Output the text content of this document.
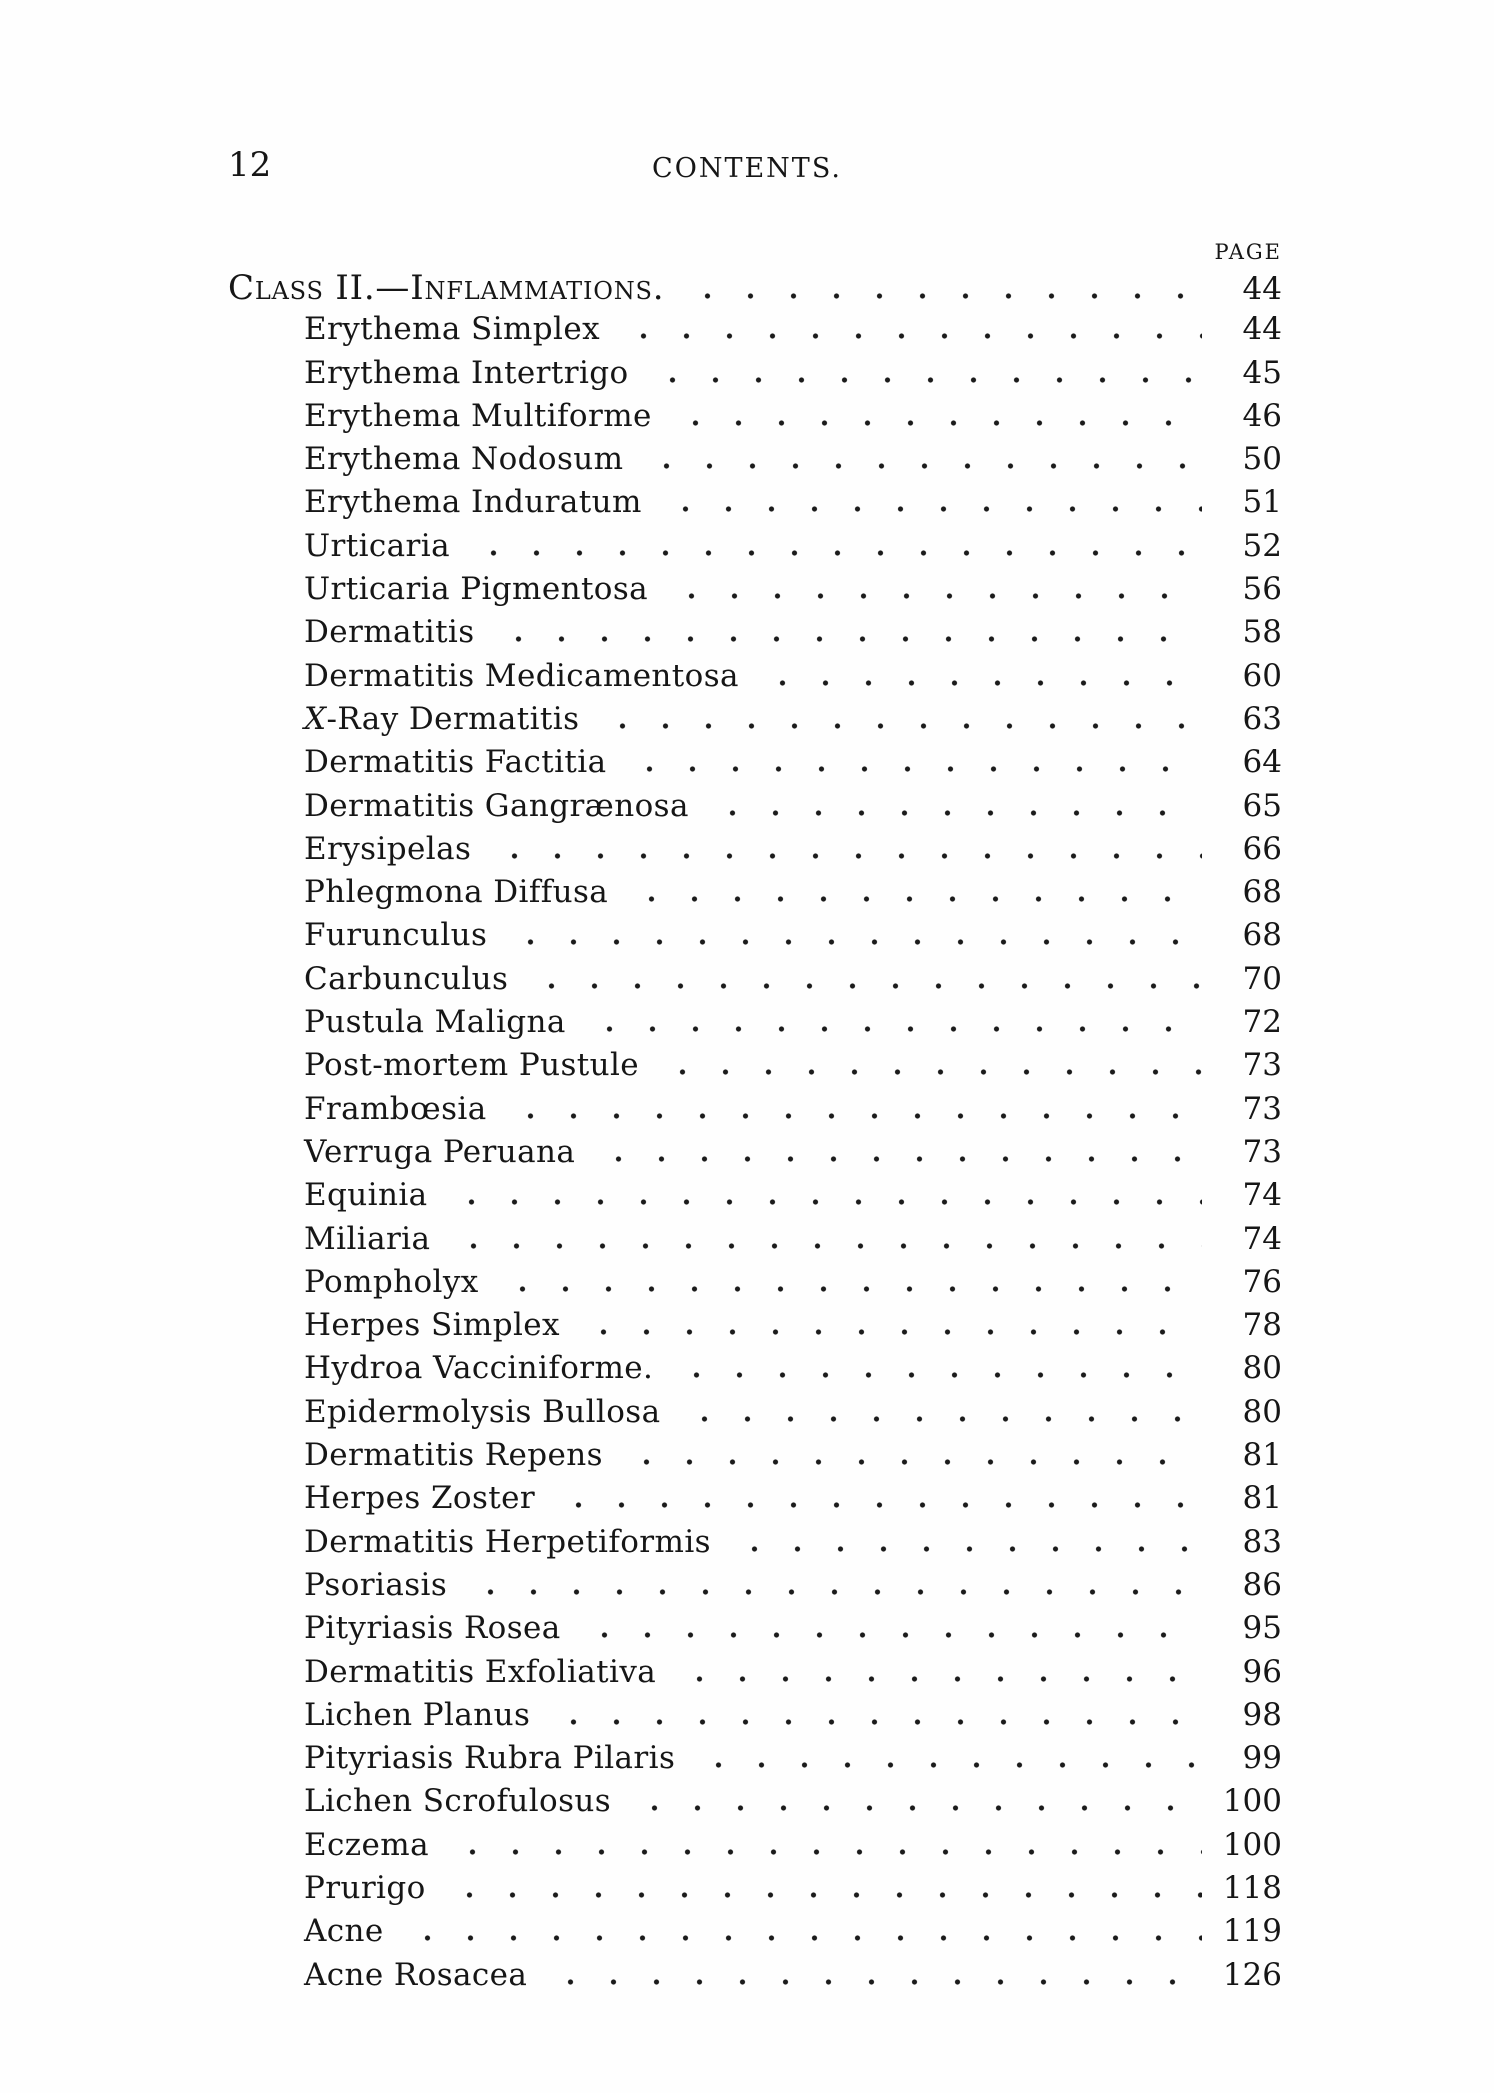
12	CONTENTS.
PAGE
Class II.—Inflammations.	44
Erythema Simplex	44
Erythema Intertrigo	45
Erythema Multiforme	46
Erythema Nodosum	50
Erythema Induratum	51
Urticaria	52
Urticaria Pigmentosa	56
Dermatitis	58
Dermatitis Medicamentosa	60
X-Ray Dermatitis	63
Dermatitis Factitia	64
Dermatitis Gangrænosa	65
Erysipelas	66
Phlegmona Diffusa	68
Furunculus	68
Carbunculus	70
Pustula Maligna	72
Post-mortem Pustule	73
Frambœsia	73
Verruga Peruana	73
Equinia	74
Miliaria	74
Pompholyx	76
Herpes Simplex	78
Hydroa Vacciniforme.	80
Epidermolysis Bullosa	80
Dermatitis Repens	81
Herpes Zoster	81
Dermatitis Herpetiformis	83
Psoriasis	86
Pityriasis Rosea	95
Dermatitis Exfoliativa	96
Lichen Planus	98
Pityriasis Rubra Pilaris	99
Lichen Scrofulosus	100
Eczema	100
Prurigo	118
Acne	119
Acne Rosacea	126
